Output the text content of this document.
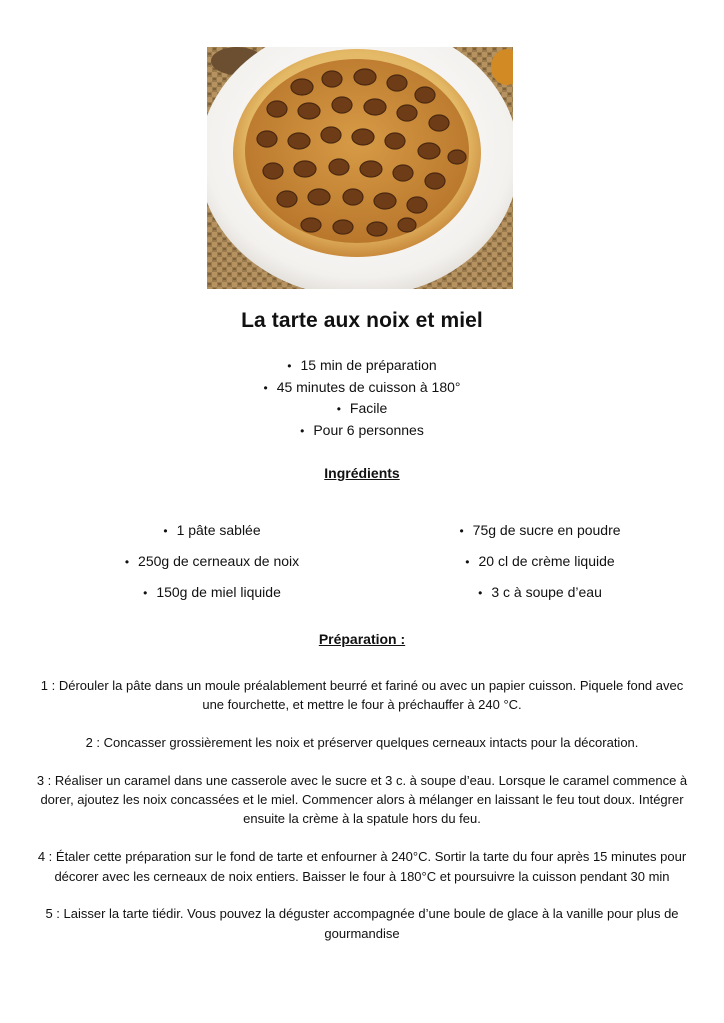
La tarte aux noix et miel
• 15 min de préparation
• 45 minutes de cuisson à 180°
• Facile
• Pour 6 personnes
Ingrédients
• 1 pâte sablée
• 250g de cerneaux de noix
• 150g de miel liquide
• 75g de sucre en poudre
• 20 cl de crème liquide
• 3 c à soupe d’eau
Préparation :

1 : Dérouler la pâte dans un moule préalablement beurré et fariné ou avec un papier cuisson. Piquele fond avec une fourchette, et mettre le four à préchauffer à 240 °C.

2 : Concasser grossièrement les noix et préserver quelques cerneaux intacts pour la décoration.

3 : Réaliser un caramel dans une casserole avec le sucre et 3 c. à soupe d’eau. Lorsque le caramel commence à dorer, ajoutez les noix concassées et le miel. Commencer alors à mélanger en laissant le feu tout doux. Intégrer ensuite la crème à la spatule hors du feu.

4 : Étaler cette préparation sur le fond de tarte et enfourner à 240°C. Sortir la tarte du four après 15 minutes pour décorer avec les cerneaux de noix entiers. Baisser le four à 180°C et poursuivre la cuisson pendant 30 min

5 : Laisser la tarte tiédir. Vous pouvez la déguster accompagnée d’une boule de glace à la vanille pour plus de gourmandise
